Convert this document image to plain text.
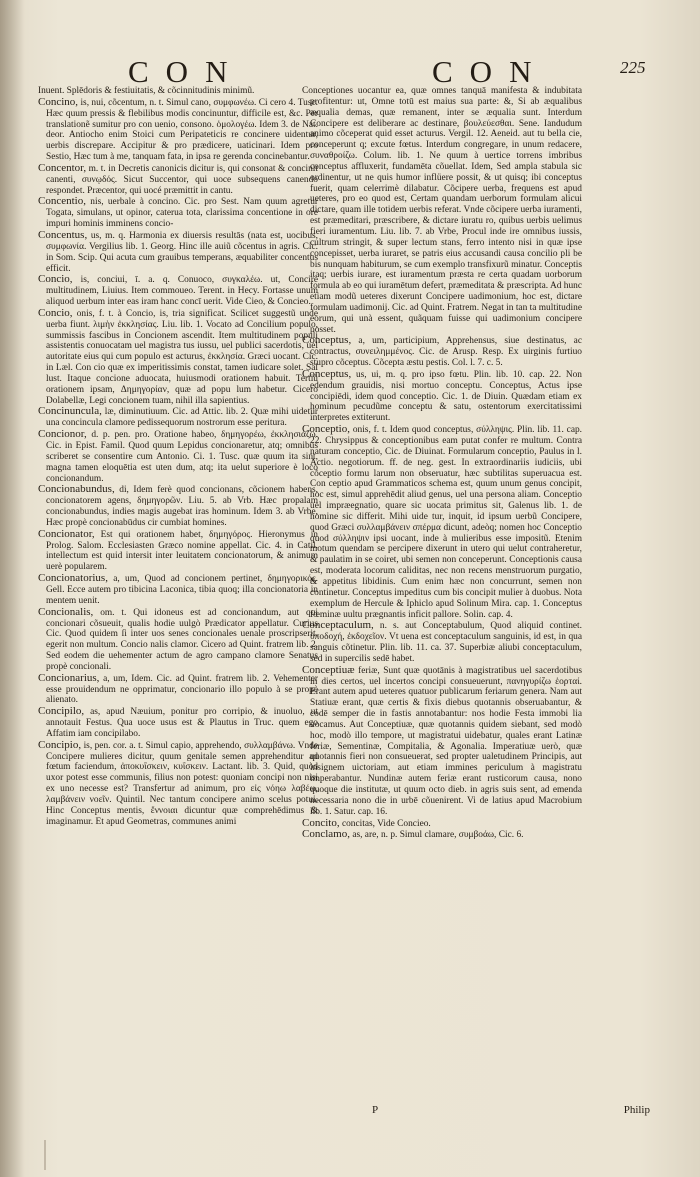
CON	CON	225

Inuent. Splēdoris & festiuitatis, & cõcinnitudinis minimũ.

Concino, is, nui, cõcentum, n. t. Simul cano, συμφωνέω. Ci cero 4. Tusc. Hæc quum pressis & flebilibus modis concinuntur, difficile est, &c. Per translationẽ sumitur pro con uenio, consono. ὁμολογέω. Idem 3. de Nat. deor. Antiocho enim Stoici cum Peripateticis re concinere uidentur, uerbis discrepare. Accipitur & pro prædicere, uaticinari. Idem pro Sestio, Hæc tum à me, tanquam fata, in ipsa re gerenda concinebantur.

Concentor, m. t. in Decretis canonicis dicitur is, qui consonat & concinit canenti, συνῳδός. Sicut Succentor, qui uoce subsequens canendo respondet. Præcentor, qui uocé præmittit in cantu.

Concentio, nis, uerbale à concino. Cic. pro Sest. Nam quum agretur Togata, simulans, ut opinor, caterua tota, clarissima concentione in ore impuri hominis imminens concio-

Concentus, us, m. q. Harmonia ex diuersis resultās (nata est, uocibus, συμφωνία. Vergilius lib. 1. Georg. Hinc ille auiũ cõcentus in agris. Cic. in Som. Scip. Qui acuta cum grauibus temperans, æquabiliter concentus efficit.

Concio, is, conciui, ī. a. q. Conuoco, συγκαλέω. ut, Concire multitudinem, Liuius. Item commoueo. Terent. in Hecy. Fortasse unum aliquod uerbum inter eas iram hanc concī uerit. Vide Cieo, & Concieo.

Concio, onis, f. t. à Concio, is, tria significat. Scilicet suggestũ unde uerba fiunt. λιμὴν ἐκκλησίας. Liu. lib. 1. Vocato ad Concilium populo, summissis fascibus in Concionem ascendit. Item multitudinem populi assistentis conuocatam uel magistra tus iussu, uel publici sacerdotis, uel autoritate eius qui cum populo est acturus, ἐκκλησία. Græci uocant. Cic. in Læl. Con cio quæ ex imperitissimis constat, tamen iudicare solet. Sal lust. Itaque concione aduocata, huiusmodi orationem habuit. Tertiũ orationem ipsam, Δημηγορίαν, quæ ad popu lum habetur. Cicero Dolabellæ, Legi concionem tuam, nihil illa sapientius.

Concinuncula, læ, diminutiuum. Cic. ad Attic. lib. 2. Quæ mihi uidetur una concincula clamore pedissequorum nostrorum esse peritura.

Concionor, d. p. pen. pro. Oratione habeo, δημηγορέω, ἐκκλησιάζω. Cic. in Epist. Famil. Quod quum Lepidus concionaretur, atq; omnibus scriberet se consentire cum Antonio. Ci. 1. Tusc. quæ quum ita sint, magna tamen eloquētia est uten dum, atq; ita uelut superiore è loco concionandum.

Concionabundus, di, Idem ferè quod concionans, cõcionem habens, concionatorem agens, δημηγορῶν. Liu. 5. ab Vrb. Hæc propalam concionabundus, indies magis augebat iras hominum. Idem 3. ab Vrbe, Hæc propè concionabūdus cir cumbiat homines.

Concionator, Est qui orationem habet, δημηγόρος. Hieronymus in Prolog. Salom. Ecclesiasten Græco nomine appellat. Cic. 4. in Catil. intellectum est quid intersit inter leuitatem concionatorum, & animum uerè popularem.

Concionatorius, a, um, Quod ad concionem pertinet, δημηγορικός. Gell. Ecce autem pro tibicina Laconica, tibia quoq; illa concionatoria in mentem uenit.

Concionalis, om. t. Qui idoneus est ad concionandum, aut qui concionari cõsueuit, qualis hodie uulgò Prædicator appellatur. Curius Cic. Quod quidem ſi inter uos senes concionales uenale proscripserit, egerit non multum. Concio nalis clamor. Cicero ad Quint. fratrem lib. 2. Sed eodem die uehementer actum de agro campano clamore Senatus propè concionali.

Concionarius, a, um, Idem. Cic. ad Quint. fratrem lib. 2. Vehementer esse prouidendum ne opprimatur, concionario illo populo à se propè alienato.

Concipilo, as, apud Næuium, ponitur pro corripio, & inuoluo, ut annotauit Festus. Qua uoce usus est & Plautus in Truc. quem ego Affatim iam concipilabo.

Concipio, is, pen. cor. a. t. Simul capio, apprehendo, συλλαμβάνω. Vnde Concipere mulieres dicitur, quum genitale semen apprehenditur ad fœtum faciendum, ἀποκυΐσκειν, κυΐσκειν. Lactant. lib. 3. Quid, quòd uxor potest esse communis, filius non potest: quoniam concipi non nisi ex uno necesse est? Transfertur ad animum, pro εἰς νόηω λαβέω, λαμβάνειν νοεῖν. Quintil. Nec tantum concipere animo scelus potui. Hinc Conceptus mentis, ἔννοιαι dicuntur quæ comprehēdimus & imaginamur. Et apud Geometras, communes animi

Conceptiones uocantur ea, quæ omnes tanquā manifesta & indubitata profitentur: ut, Omne totū est maius sua parte: &, Si ab æqualibus æqualia demas, quæ remanent, inter se æqualia sunt. Interdum Concipere est deliberare ac destinare, βουλεύεσθαι. Sene. Iandudum animo cõceperat quid esset acturus. Vergil. 12. Aeneid. aut tu bella cie, conceperunt q; excute fœtus. Interdum congregare, in unum redacere, συναθροίζω. Colum. lib. 1. Ne quum à uertice torrens imbribus conceptus affluxerit, fundamēta cõuellat. Idem, Sed ampla stabula sic ordinentur, ut ne quis humor inflüere possit, & ut quisq; ibi conceptus fuerit, quam celerrimè dilabatur. Cõcipere uerba, frequens est apud ueteres, pro eo quod est, Certam quandam uerborum formulam alicui dictare, quam ille totidem uerbis referat. Vnde cõcipere uerba iuramenti, est præmeditari, præscribere, & dictare iuratu ro, quibus uerbis uelimus fieri iuramentum. Liu. lib. 7. ab Vrbe, Procul inde ire omnibus iussis, cultrum stringit, & super lectum stans, ferro intento nisi in quæ ipse concepisset, uerba iuraret, se patris eius accusandi causa concilio pli be bis nunquam habiturum, se cum exemplo transfixurũ minatur. Conceptis itaq; uerbis iurare, est iuramentum præsta re certa quadam uorborum formula ab eo qui iuramētum defert, præmeditata & præscripta. Ad hunc etiam modũ ueteres dixerunt Concipere uadimonium, hoc est, dictare formulam uadimonij. Cic. ad Quint. Fratrem. Negat in tan ta multitudine eorum, qui unà essent, quãquam fuisse qui uadimonium concipere posset.

Conceptus, a, um, participium, Apprehensus, siue destinatus, ac contractus, συνειλημμένος. Cic. de Arusp. Resp. Ex uirginis furtiuo stupro cõceptus. Cõcepta æstu pestis. Col. l. 7. c. 5.

Conceptus, us, ui, m. q. pro ipso fœtu. Plin. lib. 10. cap. 22. Non edendum grauidis, nisi mortuo conceptu. Conceptus, Actus ipse concipiēdi, idem quod conceptio. Cic. 1. de Diuin. Quædam etiam ex hominum pecudũme conceptu & satu, ostentorum exercitatissimi interpretes extiterunt.

Conceptio, onis, f. t. Idem quod conceptus, σύλληψις. Plin. lib. 11. cap. 22. Chrysippus & conceptionibus eam putat confer re multum. Contra naturam conceptio, Cic. de Diuinat. Formularum conceptio, Paulus in l. Actio. negotiorum. ff. de neg. gest. In extraordinariis iudiciis, ubi cõceptio formu larum non obseruatur, hæc subtilitas superuacua est. Con ceptio apud Grammaticos schema est, quum unum genus concipit, hoc est, simul apprehēdit aliud genus, uel una persona aliam. Conceptio uel impræegnatio, quare sic uocata primitus sit, Galenus lib. 1. de homine sic differit. Mihi uide tur, inquit, id ipsum uerbũ Concipere, quod Græci συλλαμβάνειν σπέρμα dicunt, adeòq; nomen hoc Conceptio quod σύλληψιν ipsi uocant, inde à mulieribus esse impositũ. Etenim motum quendam se percipere dixerunt in utero qui uelut contraheretur, & paulatim in se coiret, ubi semen non conceperunt. Conceptionis causa est, moderata locorum caliditas, nec non recens menstruorum purgatio, & appetitus libidinis. Cum enim hæc non concurrunt, semen non continetur. Conceptus impeditus cum bis concipit mulier à duobus. Nota exemplum de Hercule & Iphiclo apud Solinum Mira. cap. 1. Conceptus fœminæ uultu prægnantis inficit pallore. Solin. cap. 4.

Conceptaculum, n. s. aut Conceptabulum, Quod aliquid continet. ὑποδοχή, ἐκδοχεῖον. Vt uena est conceptaculum sanguinis, id est, in qua sanguis cõtinetur. Plin. lib. 11. ca. 37. Superbiæ aliubi conceptaculum, sed in supercilis sedē habet.

Conceptiuæ feriæ, Sunt quæ quotānis à magistratibus uel sacerdotibus in dies certos, uel incertos concipi consueuerunt, πανηγυρίζω ἑορταί. Erant autem apud ueteres quatuor publicarum feriarum genera. Nam aut Statiuæ erant, quæ certis & fixis diebus quotannis obseruabantur, & codē semper die in fastis annotabantur: nos hodie Festa immobi lia uocamus. Aut Conceptiuæ, quæ quotannis quidem siebant, sed modò hoc, modò illo tempore, ut magistratui uidebatur, quales erant Latinæ feriæ, Sementinæ, Compitalia, & Agonalia. Imperatiuæ uerò, quæ quotannis fieri non consueuerat, sed propter ualetudinem Principis, aut insignem uictoriam, aut etiam immines periculum à magistratu imperabantur. Nundinæ autem feriæ erant rusticorum causa, nono quoque die institutæ, ut quum octo dieb. in agris suis sent, ad emenda necessaria nono die in urbē cõuenirent. Vi de latius apud Macrobium lib. 1. Satur. cap. 16.

Concito, concitas, Vide Concieo.

Conclamo, as, are, n. p. Simul clamare, συμβοάω, Cic. 6.

P	Philip
